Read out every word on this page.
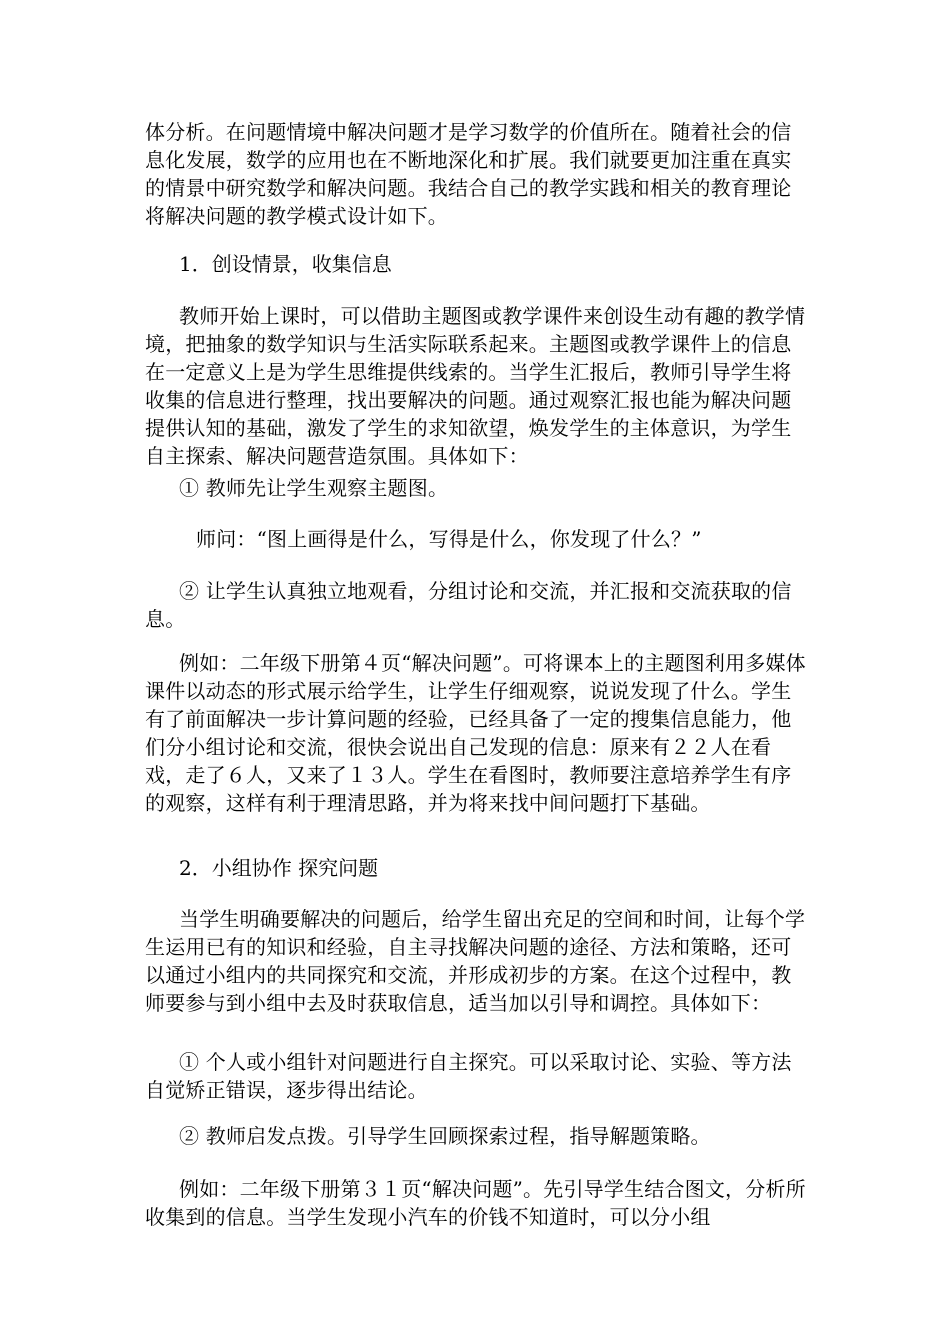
体分析。在问题情境中解决问题才是学习数学的价值所在。随着社会的信息化发展，数学的应用也在不断地深化和扩展。我们就要更加注重在真实的情景中研究数学和解决问题。我结合自己的教学实践和相关的教育理论将解决问题的教学模式设计如下。

1．创设情景，收集信息

教师开始上课时，可以借助主题图或教学课件来创设生动有趣的教学情境，把抽象的数学知识与生活实际联系起来。主题图或教学课件上的信息在一定意义上是为学生思维提供线索的。当学生汇报后，教师引导学生将收集的信息进行整理，找出要解决的问题。通过观察汇报也能为解决问题提供认知的基础，激发了学生的求知欲望，焕发学生的主体意识，为学生自主探索、解决问题营造氛围。具体如下：

① 教师先让学生观察主题图。

师问：“图上画得是什么，写得是什么，你发现了什么？”

② 让学生认真独立地观看，分组讨论和交流，并汇报和交流获取的信息。

例如：二年级下册第４页“解决问题”。可将课本上的主题图利用多媒体课件以动态的形式展示给学生，让学生仔细观察，说说发现了什么。学生有了前面解决一步计算问题的经验，已经具备了一定的搜集信息能力，他们分小组讨论和交流，很快会说出自己发现的信息：原来有２２人在看戏，走了６人，又来了１３人。学生在看图时，教师要注意培养学生有序的观察，这样有利于理清思路，并为将来找中间问题打下基础。

2．小组协作 探究问题

当学生明确要解决的问题后，给学生留出充足的空间和时间，让每个学生运用已有的知识和经验，自主寻找解决问题的途径、方法和策略，还可以通过小组内的共同探究和交流，并形成初步的方案。在这个过程中，教师要参与到小组中去及时获取信息，适当加以引导和调控。具体如下：

① 个人或小组针对问题进行自主探究。可以采取讨论、实验、等方法自觉矫正错误，逐步得出结论。

② 教师启发点拨。引导学生回顾探索过程，指导解题策略。

例如：二年级下册第３１页“解决问题”。先引导学生结合图文，分析所收集到的信息。当学生发现小汽车的价钱不知道时，可以分小组
